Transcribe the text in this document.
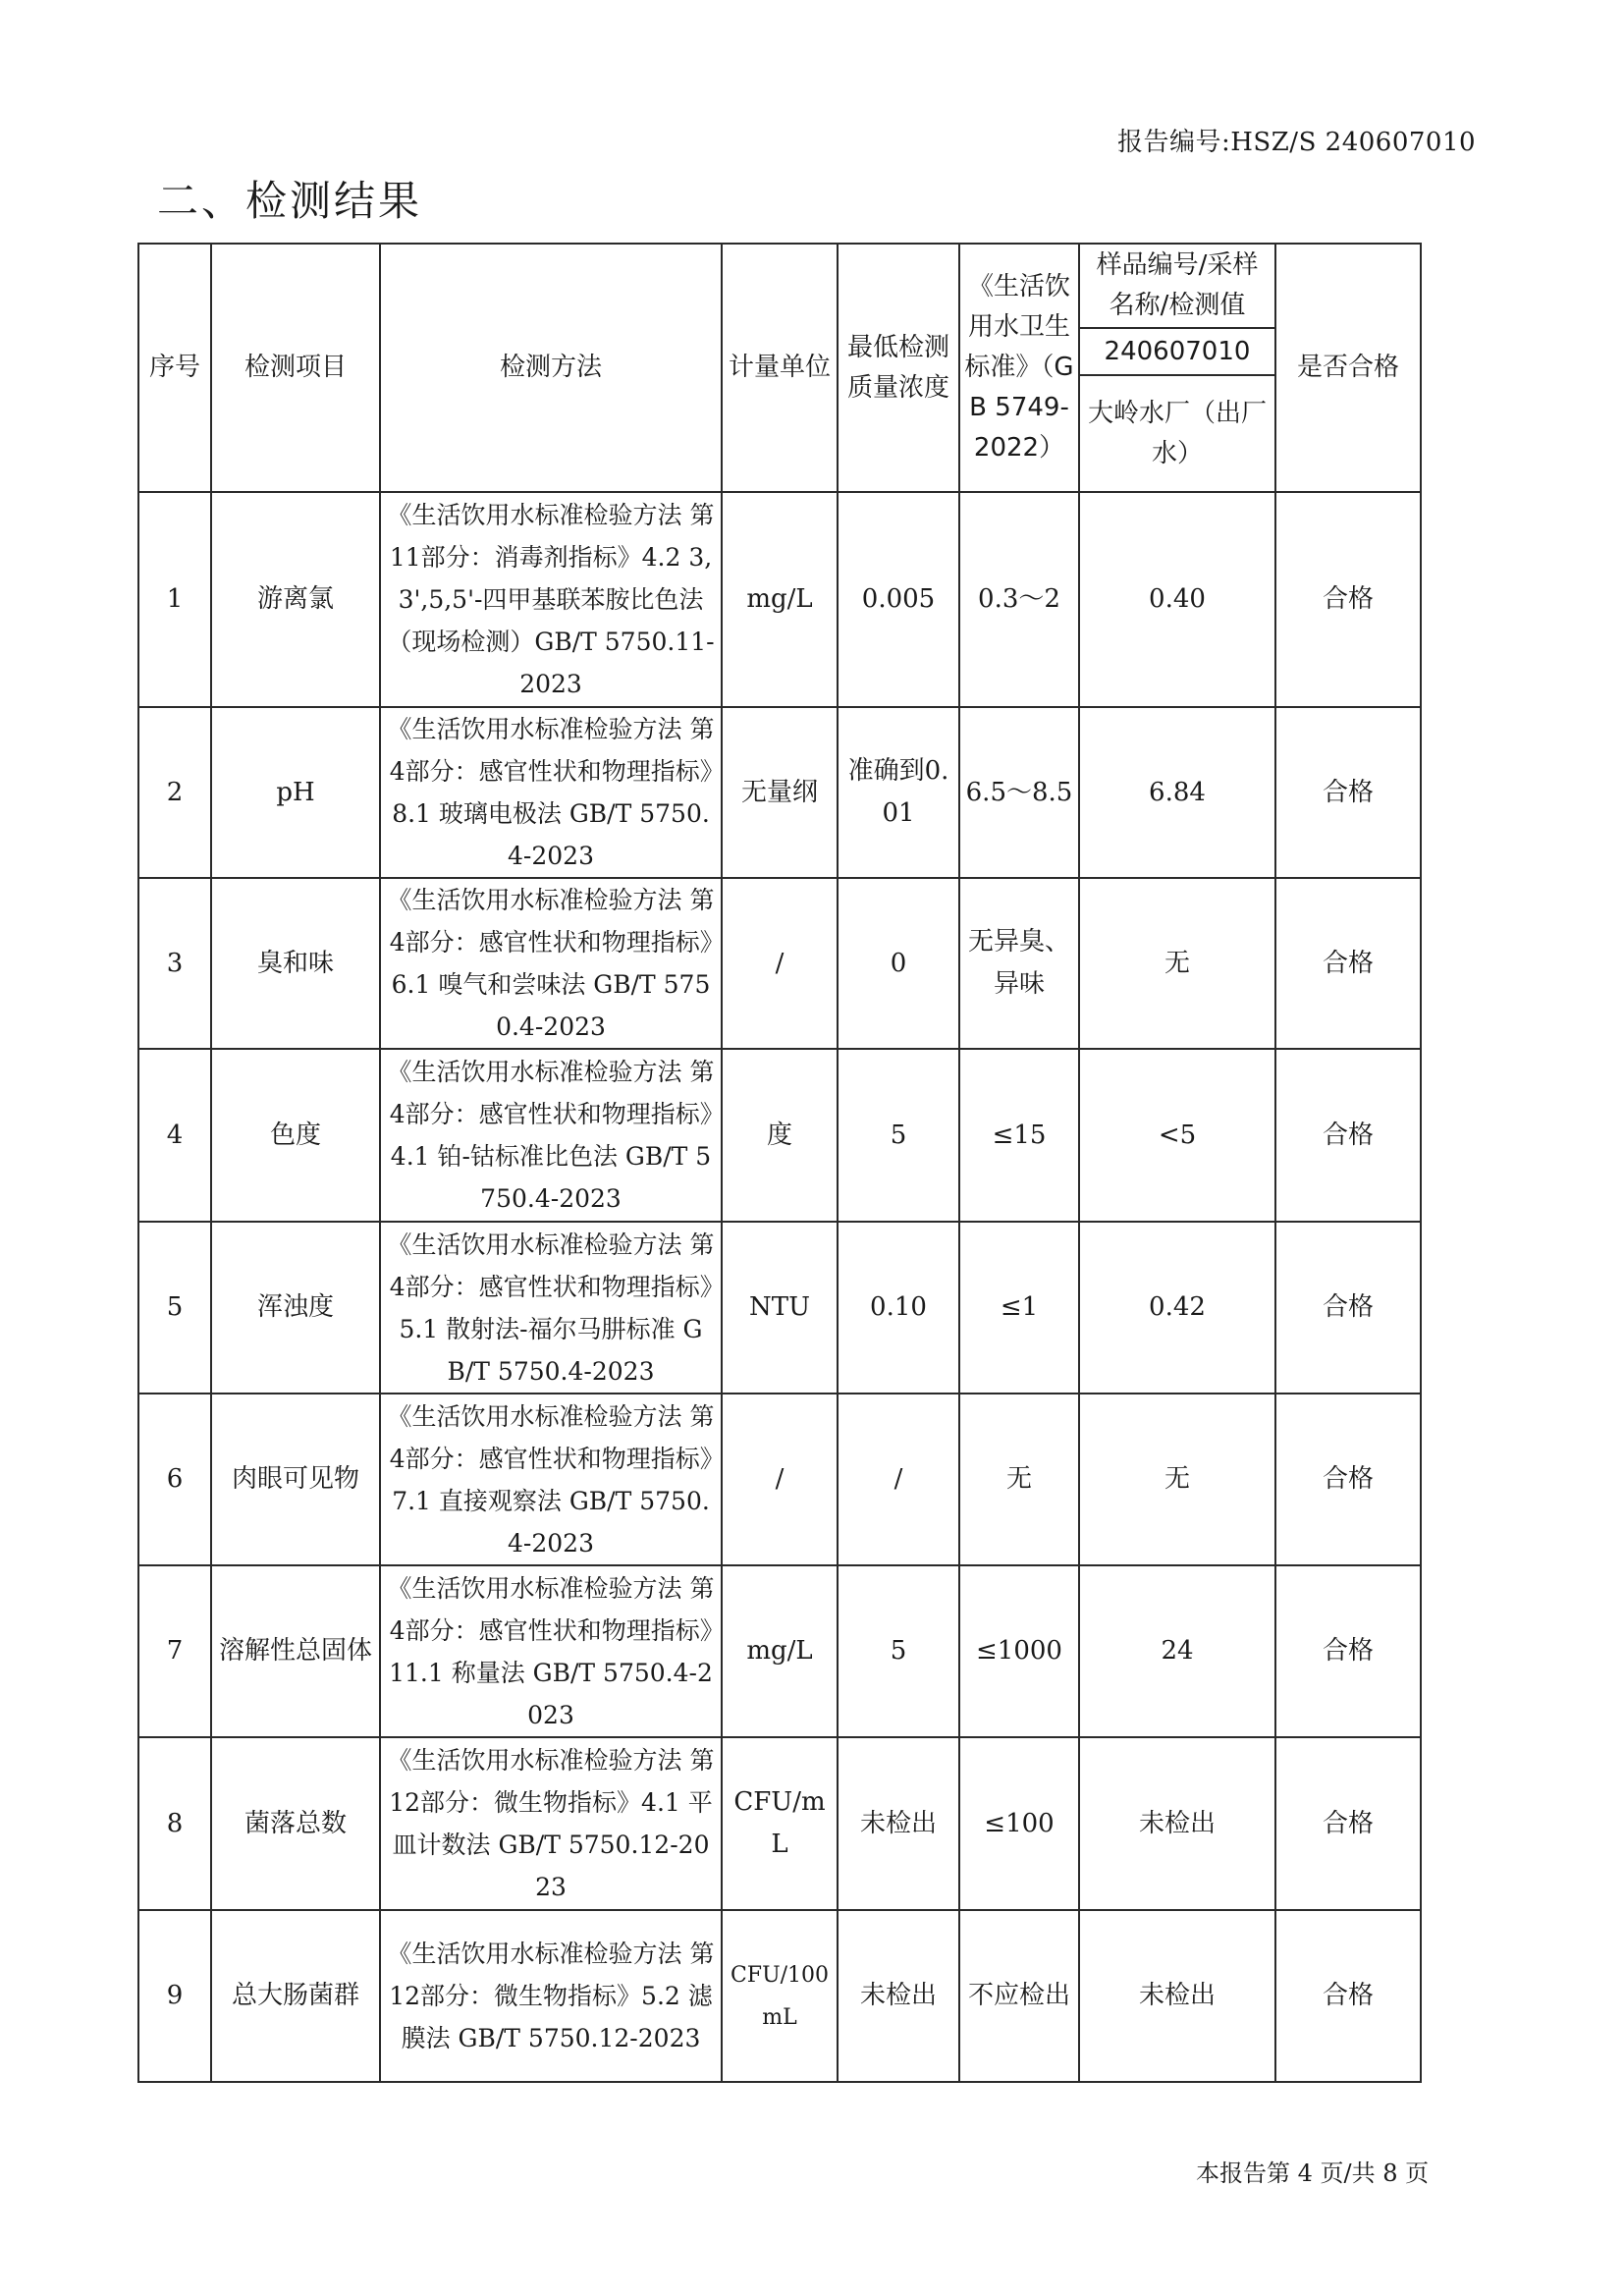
报告编号:HSZ/S 240607010
二、检测结果
序号	检测项目	检测方法	计量单位	最低检测质量浓度	《生活饮用水卫生标准》（GB 5749-2022）	样品编号/采样名称/检测值	是否合格
						240607010	
						大岭水厂（出厂水）	
1	游离氯	《生活饮用水标准检验方法 第11部分：消毒剂指标》4.2 3,3',5,5'-四甲基联苯胺比色法（现场检测）GB/T 5750.11-2023	mg/L	0.005	0.3～2	0.40	合格
2	pH	《生活饮用水标准检验方法 第4部分：感官性状和物理指标》8.1 玻璃电极法 GB/T 5750.4-2023	无量纲	准确到0.01	6.5～8.5	6.84	合格
3	臭和味	《生活饮用水标准检验方法 第4部分：感官性状和物理指标》6.1 嗅气和尝味法 GB/T 5750.4-2023	/	0	无异臭、异味	无	合格
4	色度	《生活饮用水标准检验方法 第4部分：感官性状和物理指标》4.1 铂-钴标准比色法 GB/T 5750.4-2023	度	5	≤15	<5	合格
5	浑浊度	《生活饮用水标准检验方法 第4部分：感官性状和物理指标》5.1 散射法-福尔马肼标准 GB/T 5750.4-2023	NTU	0.10	≤1	0.42	合格
6	肉眼可见物	《生活饮用水标准检验方法 第4部分：感官性状和物理指标》7.1 直接观察法 GB/T 5750.4-2023	/	/	无	无	合格
7	溶解性总固体	《生活饮用水标准检验方法 第4部分：感官性状和物理指标》11.1 称量法 GB/T 5750.4-2023	mg/L	5	≤1000	24	合格
8	菌落总数	《生活饮用水标准检验方法 第12部分：微生物指标》4.1 平皿计数法 GB/T 5750.12-2023	CFU/mL	未检出	≤100	未检出	合格
9	总大肠菌群	《生活饮用水标准检验方法 第12部分：微生物指标》5.2 滤膜法 GB/T 5750.12-2023	CFU/100mL	未检出	不应检出	未检出	合格
本报告第 4 页/共 8 页
